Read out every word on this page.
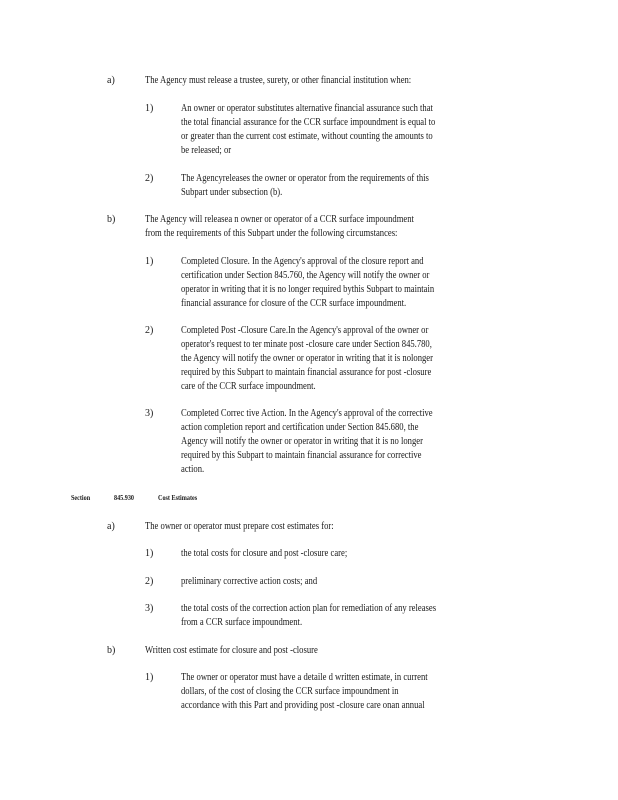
a)	The Agency must release a trustee, surety, or other financial institution when:
1)	An owner or operator substitutes alternative financial assurance such that
the total financial assurance for the CCR surface impoundment is equal to
or greater than the current cost estimate, without counting the amounts to
be released; or
2)	The Agencyreleases the owner or operator from the requirements of this
Subpart under subsection (b).
b)	The Agency will releasea n owner or operator of a CCR surface impoundment
from the requirements of this Subpart under the following circumstances:
1)	Completed Closure. In the Agency's approval of the closure report and
certification under Section 845.760, the Agency will notify the owner or
operator in writing that it is no longer required bythis Subpart to maintain
financial assurance for closure of the CCR surface impoundment.
2)	Completed Post -Closure Care.In the Agency's approval of the owner or
operator's request to ter minate post -closure care under Section 845.780,
the Agency will notify the owner or operator in writing that it is nolonger
required by this Subpart to maintain financial assurance for post -closure
care of the CCR surface impoundment.
3)	Completed Correc tive Action. In the Agency's approval of the corrective
action completion report and certification under Section 845.680, the
Agency will notify the owner or operator in writing that it is no longer
required by this Subpart to maintain financial assurance for corrective
action.
Section	845.930	Cost Estimates
a)	The owner or operator must prepare cost estimates for:
1)	the total costs for closure and post -closure care;
2)	preliminary corrective action costs; and
3)	the total costs of the correction action plan for remediation of any releases
from a CCR surface impoundment.
b)	Written cost estimate for closure and post -closure
1)	The owner or operator must have a detaile d written estimate, in current
dollars, of the cost of closing the CCR surface impoundment in
accordance with this Part and providing post -closure care onan annual
